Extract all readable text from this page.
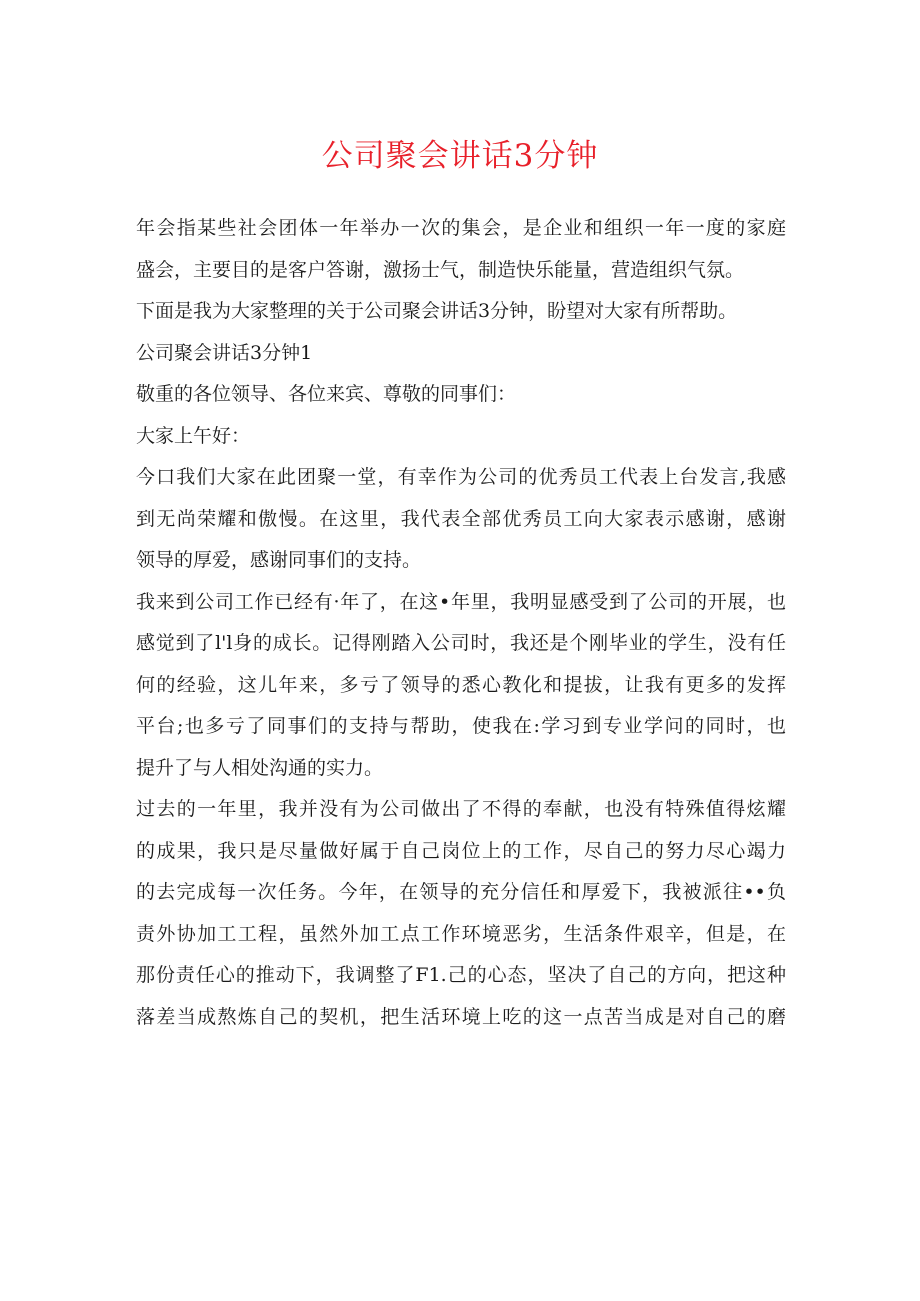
公司聚会讲话3分钟
年会指某些社会团体一年举办一次的集会，是企业和组织一年一度的家庭
盛会，主要目的是客户答谢，激扬士气，制造快乐能量，营造组织气氛。
下面是我为大家整理的关于公司聚会讲话3分钟，盼望对大家有所帮助。
公司聚会讲话3分钟1
敬重的各位领导、各位来宾、尊敬的同事们：
大家上午好：
今口我们大家在此团聚一堂，有幸作为公司的优秀员工代表上台发言,我感
到无尚荣耀和傲慢。在这里，我代表全部优秀员工向大家表示感谢，感谢
领导的厚爱，感谢同事们的支持。
我来到公司工作已经有·年了，在这•年里，我明显感受到了公司的开展，也
感觉到了l'l身的成长。记得刚踏入公司时，我还是个刚毕业的学生，没有任
何的经验，这儿年来，多亏了领导的悉心教化和提拔，让我有更多的发挥
平台;也多亏了同事们的支持与帮助，使我在:学习到专业学问的同时，也
提升了与人相处沟通的实力。
过去的一年里，我并没有为公司做出了不得的奉献，也没有特殊值得炫耀
的成果，我只是尽量做好属于自己岗位上的工作，尽自己的努力尽心竭力
的去完成每一次任务。今年，在领导的充分信任和厚爱下，我被派往••负
责外协加工工程，虽然外加工点工作环境恶劣，生活条件艰辛，但是，在
那份责任心的推动下，我调整了F1.己的心态，坚决了自己的方向，把这种
落差当成熬炼自己的契机，把生活环境上吃的这一点苦当成是对自己的磨
